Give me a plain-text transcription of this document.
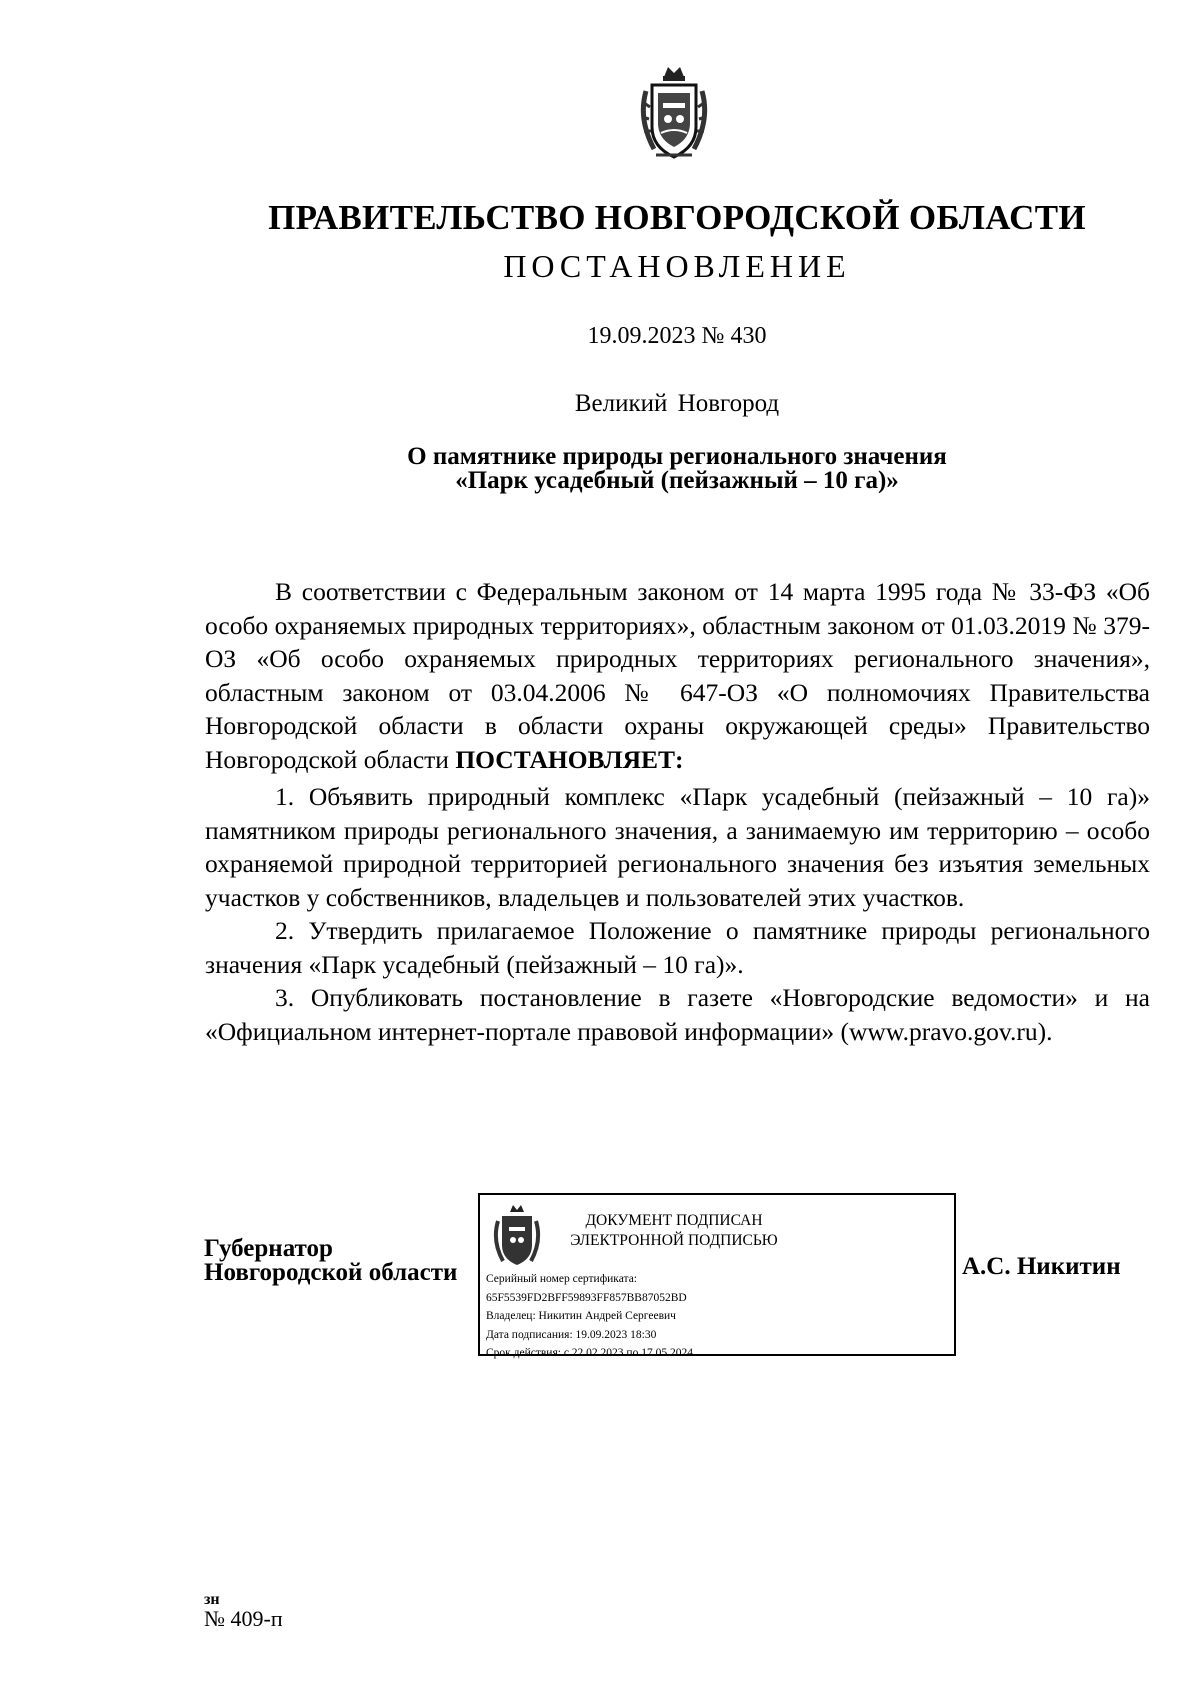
ПРАВИТЕЛЬСТВО НОВГОРОДСКОЙ ОБЛАСТИ
ПОСТАНОВЛЕНИЕ
19.09.2023 № 430
Великий Новгород
О памятнике природы регионального значения
«Парк усадебный (пейзажный – 10 га)»

В соответствии с Федеральным законом от 14 марта 1995 года № 33-ФЗ «Об особо охраняемых природных территориях», областным законом от 01.03.2019 № 379-ОЗ «Об особо охраняемых природных территориях регионального значения», областным законом от 03.04.2006 № 647-ОЗ «О полномочиях Правительства Новгородской области в области охраны окружающей среды» Правительство Новгородской области ПОСТАНОВЛЯЕТ:

1. Объявить природный комплекс «Парк усадебный (пейзажный – 10 га)» памятником природы регионального значения, а занимаемую им территорию – особо охраняемой природной территорией регионального значения без изъятия земельных участков у собственников, владельцев и пользователей этих участков.

2. Утвердить прилагаемое Положение о памятнике природы регионального значения «Парк усадебный (пейзажный – 10 га)».

3. Опубликовать постановление в газете «Новгородские ведомости» и на «Официальном интернет-портале правовой информации» (www.pravo.gov.ru).

Губернатор
Новгородской области
ДОКУМЕНТ ПОДПИСАН
ЭЛЕКТРОННОЙ ПОДПИСЬЮ
Серийный номер сертификата:
65F5539FD2BFF59893FF857BB87052BD
Владелец: Никитин Андрей Сергеевич
Дата подписания: 19.09.2023 18:30
Срок действия: с 22.02.2023 по 17.05.2024
А.С. Никитин
зн
№ 409-п
